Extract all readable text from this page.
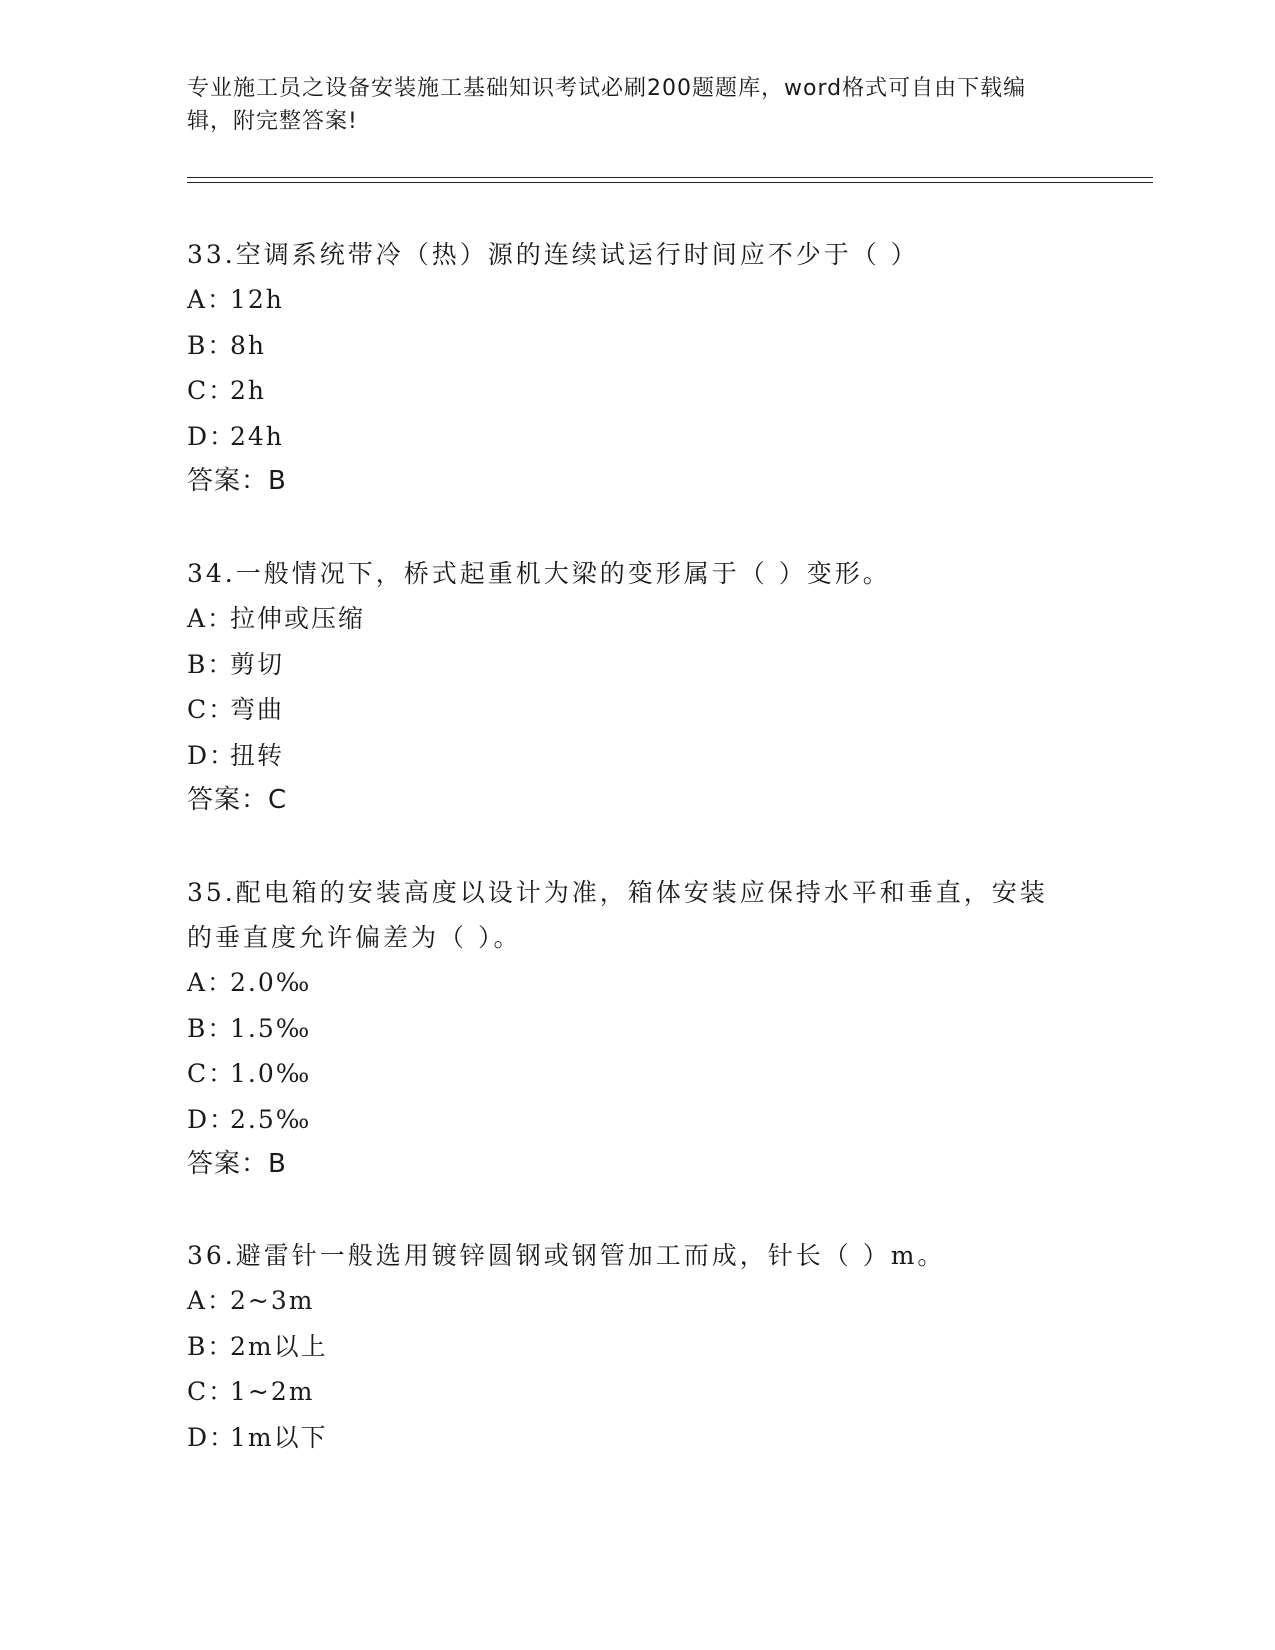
专业施工员之设备安装施工基础知识考试必刷200题题库，word格式可自由下载编辑，附完整答案!

33.空调系统带冷（热）源的连续试运行时间应不少于（ ）

A：12h

B：8h

C：2h

D：24h

答案：B

34.一般情况下，桥式起重机大梁的变形属于（ ）变形。

A：拉伸或压缩

B：剪切

C：弯曲

D：扭转

答案：C

35.配电箱的安装高度以设计为准，箱体安装应保持水平和垂直，安装的垂直度允许偏差为（ ）。

A：2.0‰

B：1.5‰

C：1.0‰

D：2.5‰

答案：B

36.避雷针一般选用镀锌圆钢或钢管加工而成，针长（ ）m。

A：2~3m

B：2m以上

C：1~2m

D：1m以下
